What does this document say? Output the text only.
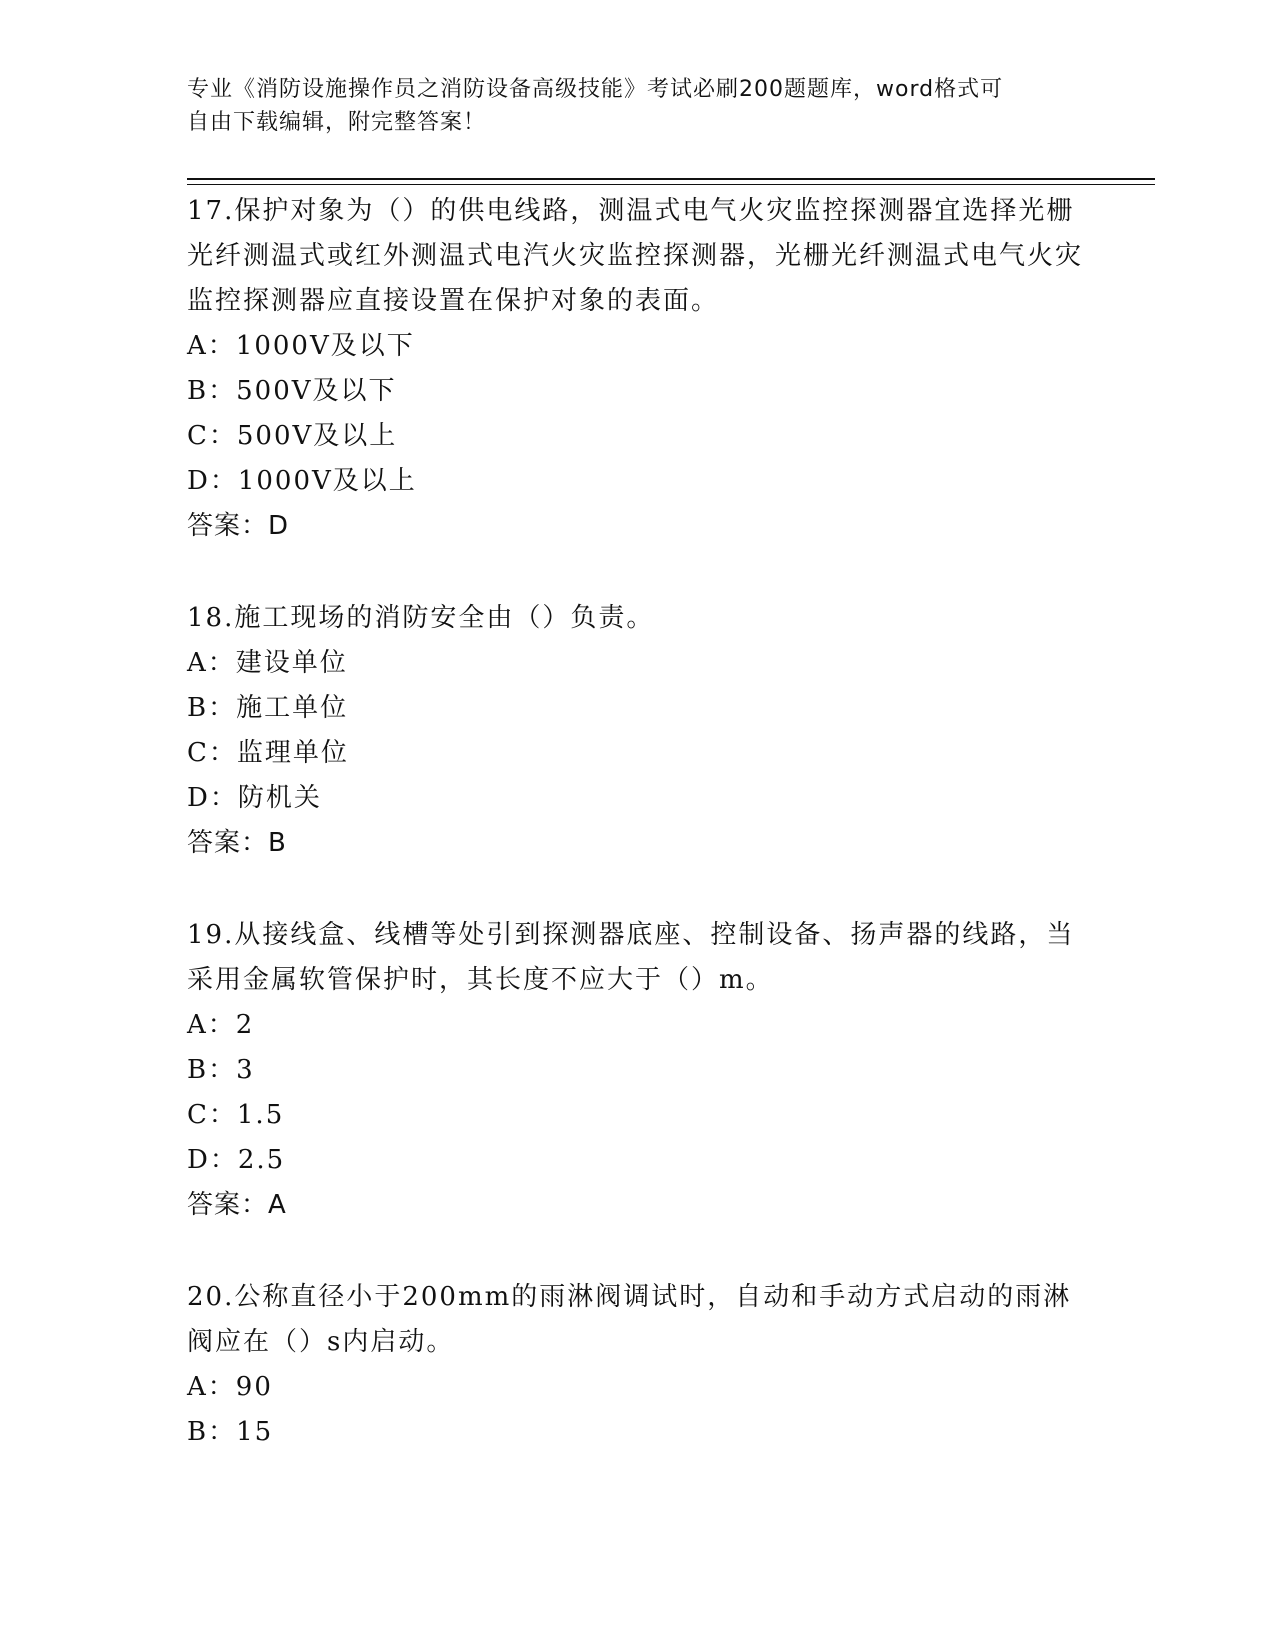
专业《消防设施操作员之消防设备高级技能》考试必刷200题题库，word格式可
自由下载编辑，附完整答案！

17.保护对象为（）的供电线路，测温式电气火灾监控探测器宜选择光栅光纤测温式或红外测温式电汽火灾监控探测器，光栅光纤测温式电气火灾监控探测器应直接设置在保护对象的表面。

A：1000V及以下

B：500V及以下

C：500V及以上

D：1000V及以上

答案：D

18.施工现场的消防安全由（）负责。

A：建设单位

B：施工单位

C：监理单位

D：防机关

答案：B

19.从接线盒、线槽等处引到探测器底座、控制设备、扬声器的线路，当采用金属软管保护时，其长度不应大于（）m。

A：2

B：3

C：1.5

D：2.5

答案：A

20.公称直径小于200mm的雨淋阀调试时，自动和手动方式启动的雨淋阀应在（）s内启动。

A：90

B：15
